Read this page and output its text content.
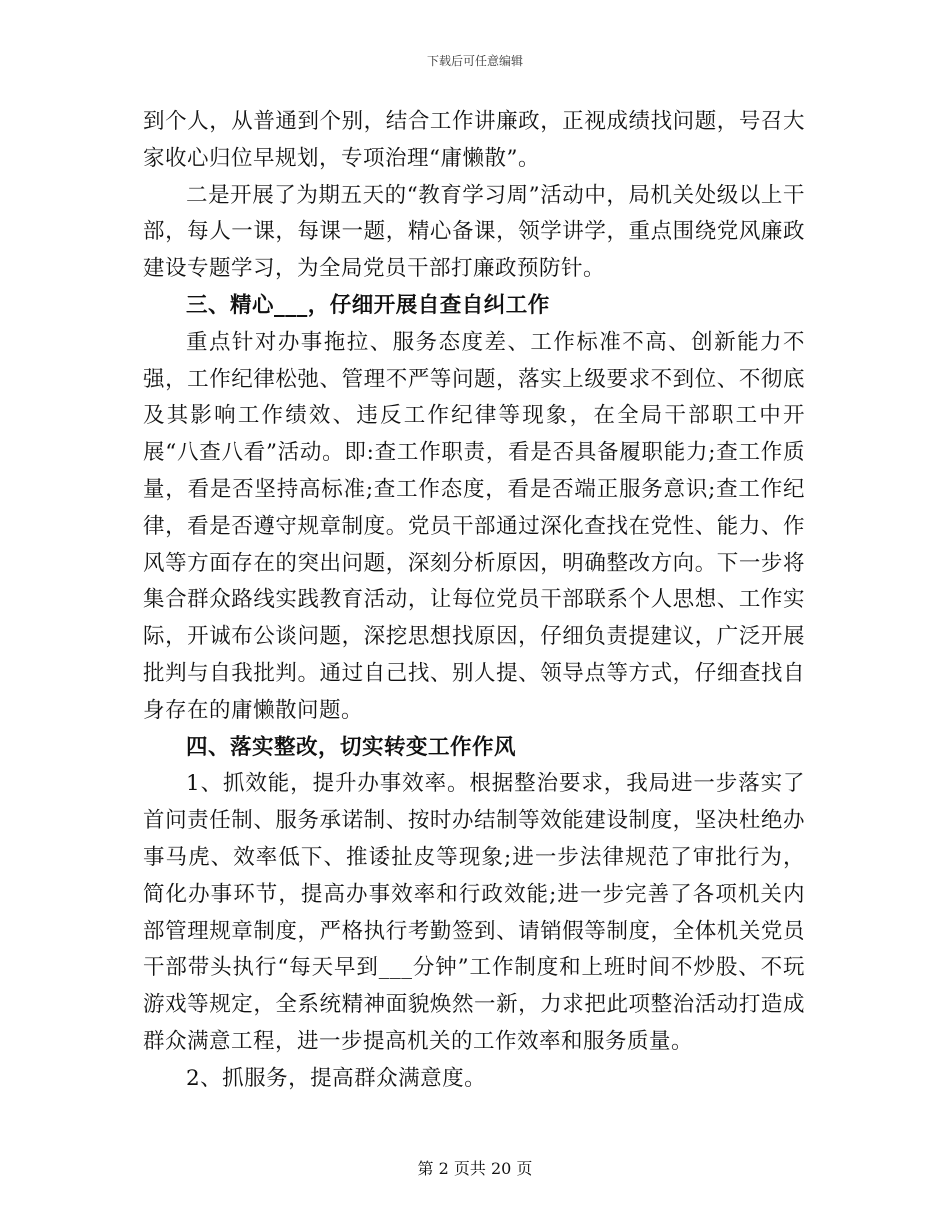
下载后可任意编辑

到个人，从普通到个别，结合工作讲廉政，正视成绩找问题，号召大家收心归位早规划，专项治理“庸懒散”。

二是开展了为期五天的“教育学习周”活动中，局机关处级以上干部，每人一课，每课一题，精心备课，领学讲学，重点围绕党风廉政建设专题学习，为全局党员干部打廉政预防针。

三、精心___，仔细开展自查自纠工作

重点针对办事拖拉、服务态度差、工作标准不高、创新能力不强，工作纪律松弛、管理不严等问题，落实上级要求不到位、不彻底及其影响工作绩效、违反工作纪律等现象，在全局干部职工中开展“八查八看”活动。即:查工作职责，看是否具备履职能力;查工作质量，看是否坚持高标准;查工作态度，看是否端正服务意识;查工作纪律，看是否遵守规章制度。党员干部通过深化查找在党性、能力、作风等方面存在的突出问题，深刻分析原因，明确整改方向。下一步将集合群众路线实践教育活动，让每位党员干部联系个人思想、工作实际，开诚布公谈问题，深挖思想找原因，仔细负责提建议，广泛开展批判与自我批判。通过自己找、别人提、领导点等方式，仔细查找自身存在的庸懒散问题。

四、落实整改，切实转变工作作风

1、抓效能，提升办事效率。根据整治要求，我局进一步落实了首问责任制、服务承诺制、按时办结制等效能建设制度，坚决杜绝办事马虎、效率低下、推诿扯皮等现象;进一步法律规范了审批行为，简化办事环节，提高办事效率和行政效能;进一步完善了各项机关内部管理规章制度，严格执行考勤签到、请销假等制度，全体机关党员干部带头执行“每天早到___分钟”工作制度和上班时间不炒股、不玩游戏等规定，全系统精神面貌焕然一新，力求把此项整治活动打造成群众满意工程，进一步提高机关的工作效率和服务质量。

2、抓服务，提高群众满意度。

第 2 页共 20 页
